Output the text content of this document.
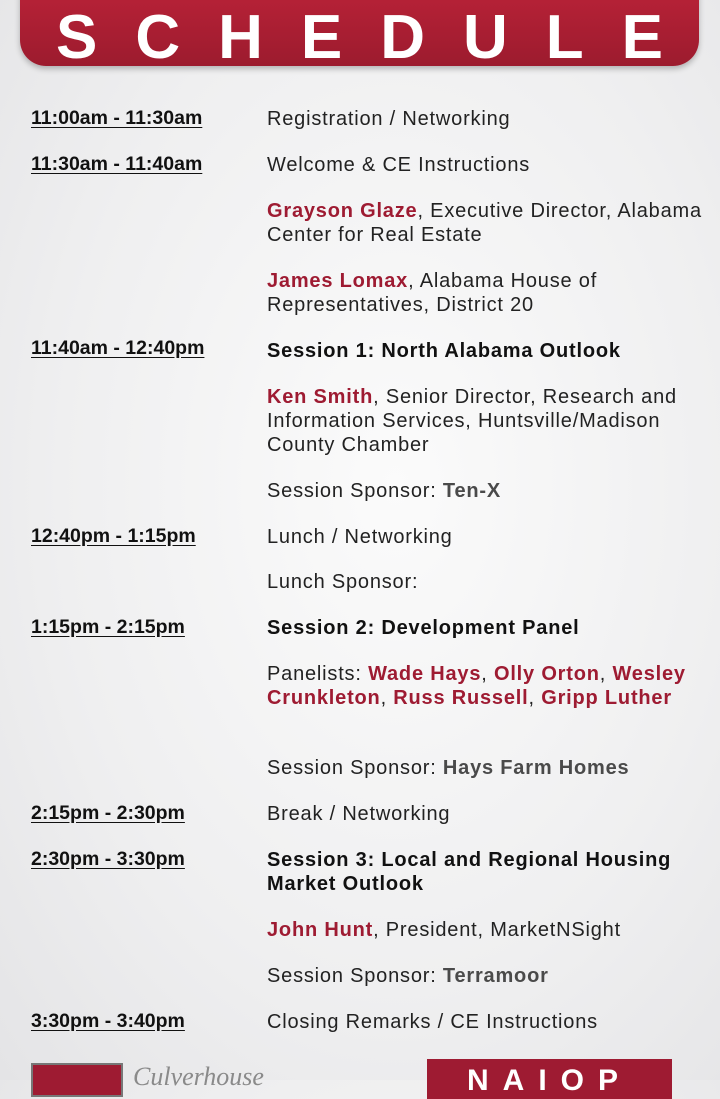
SCHEDULE
11:00am - 11:30am	Registration / Networking
11:30am - 11:40am	Welcome & CE Instructions
Grayson Glaze, Executive Director, Alabama Center for Real Estate
James Lomax, Alabama House of Representatives, District 20
11:40am - 12:40pm	Session 1: North Alabama Outlook
Ken Smith, Senior Director, Research and Information Services, Huntsville/Madison County Chamber
Session Sponsor: Ten-X
12:40pm - 1:15pm	Lunch / Networking
Lunch Sponsor:
1:15pm - 2:15pm	Session 2: Development Panel
Panelists: Wade Hays, Olly Orton, Wesley Crunkleton, Russ Russell, Gripp Luther
Session Sponsor: Hays Farm Homes
2:15pm - 2:30pm	Break / Networking
2:30pm - 3:30pm	Session 3: Local and Regional Housing Market Outlook
John Hunt, President, MarketNSight
Session Sponsor: Terramoor
3:30pm - 3:40pm	Closing Remarks / CE Instructions
Culverhouse	NAIOP
